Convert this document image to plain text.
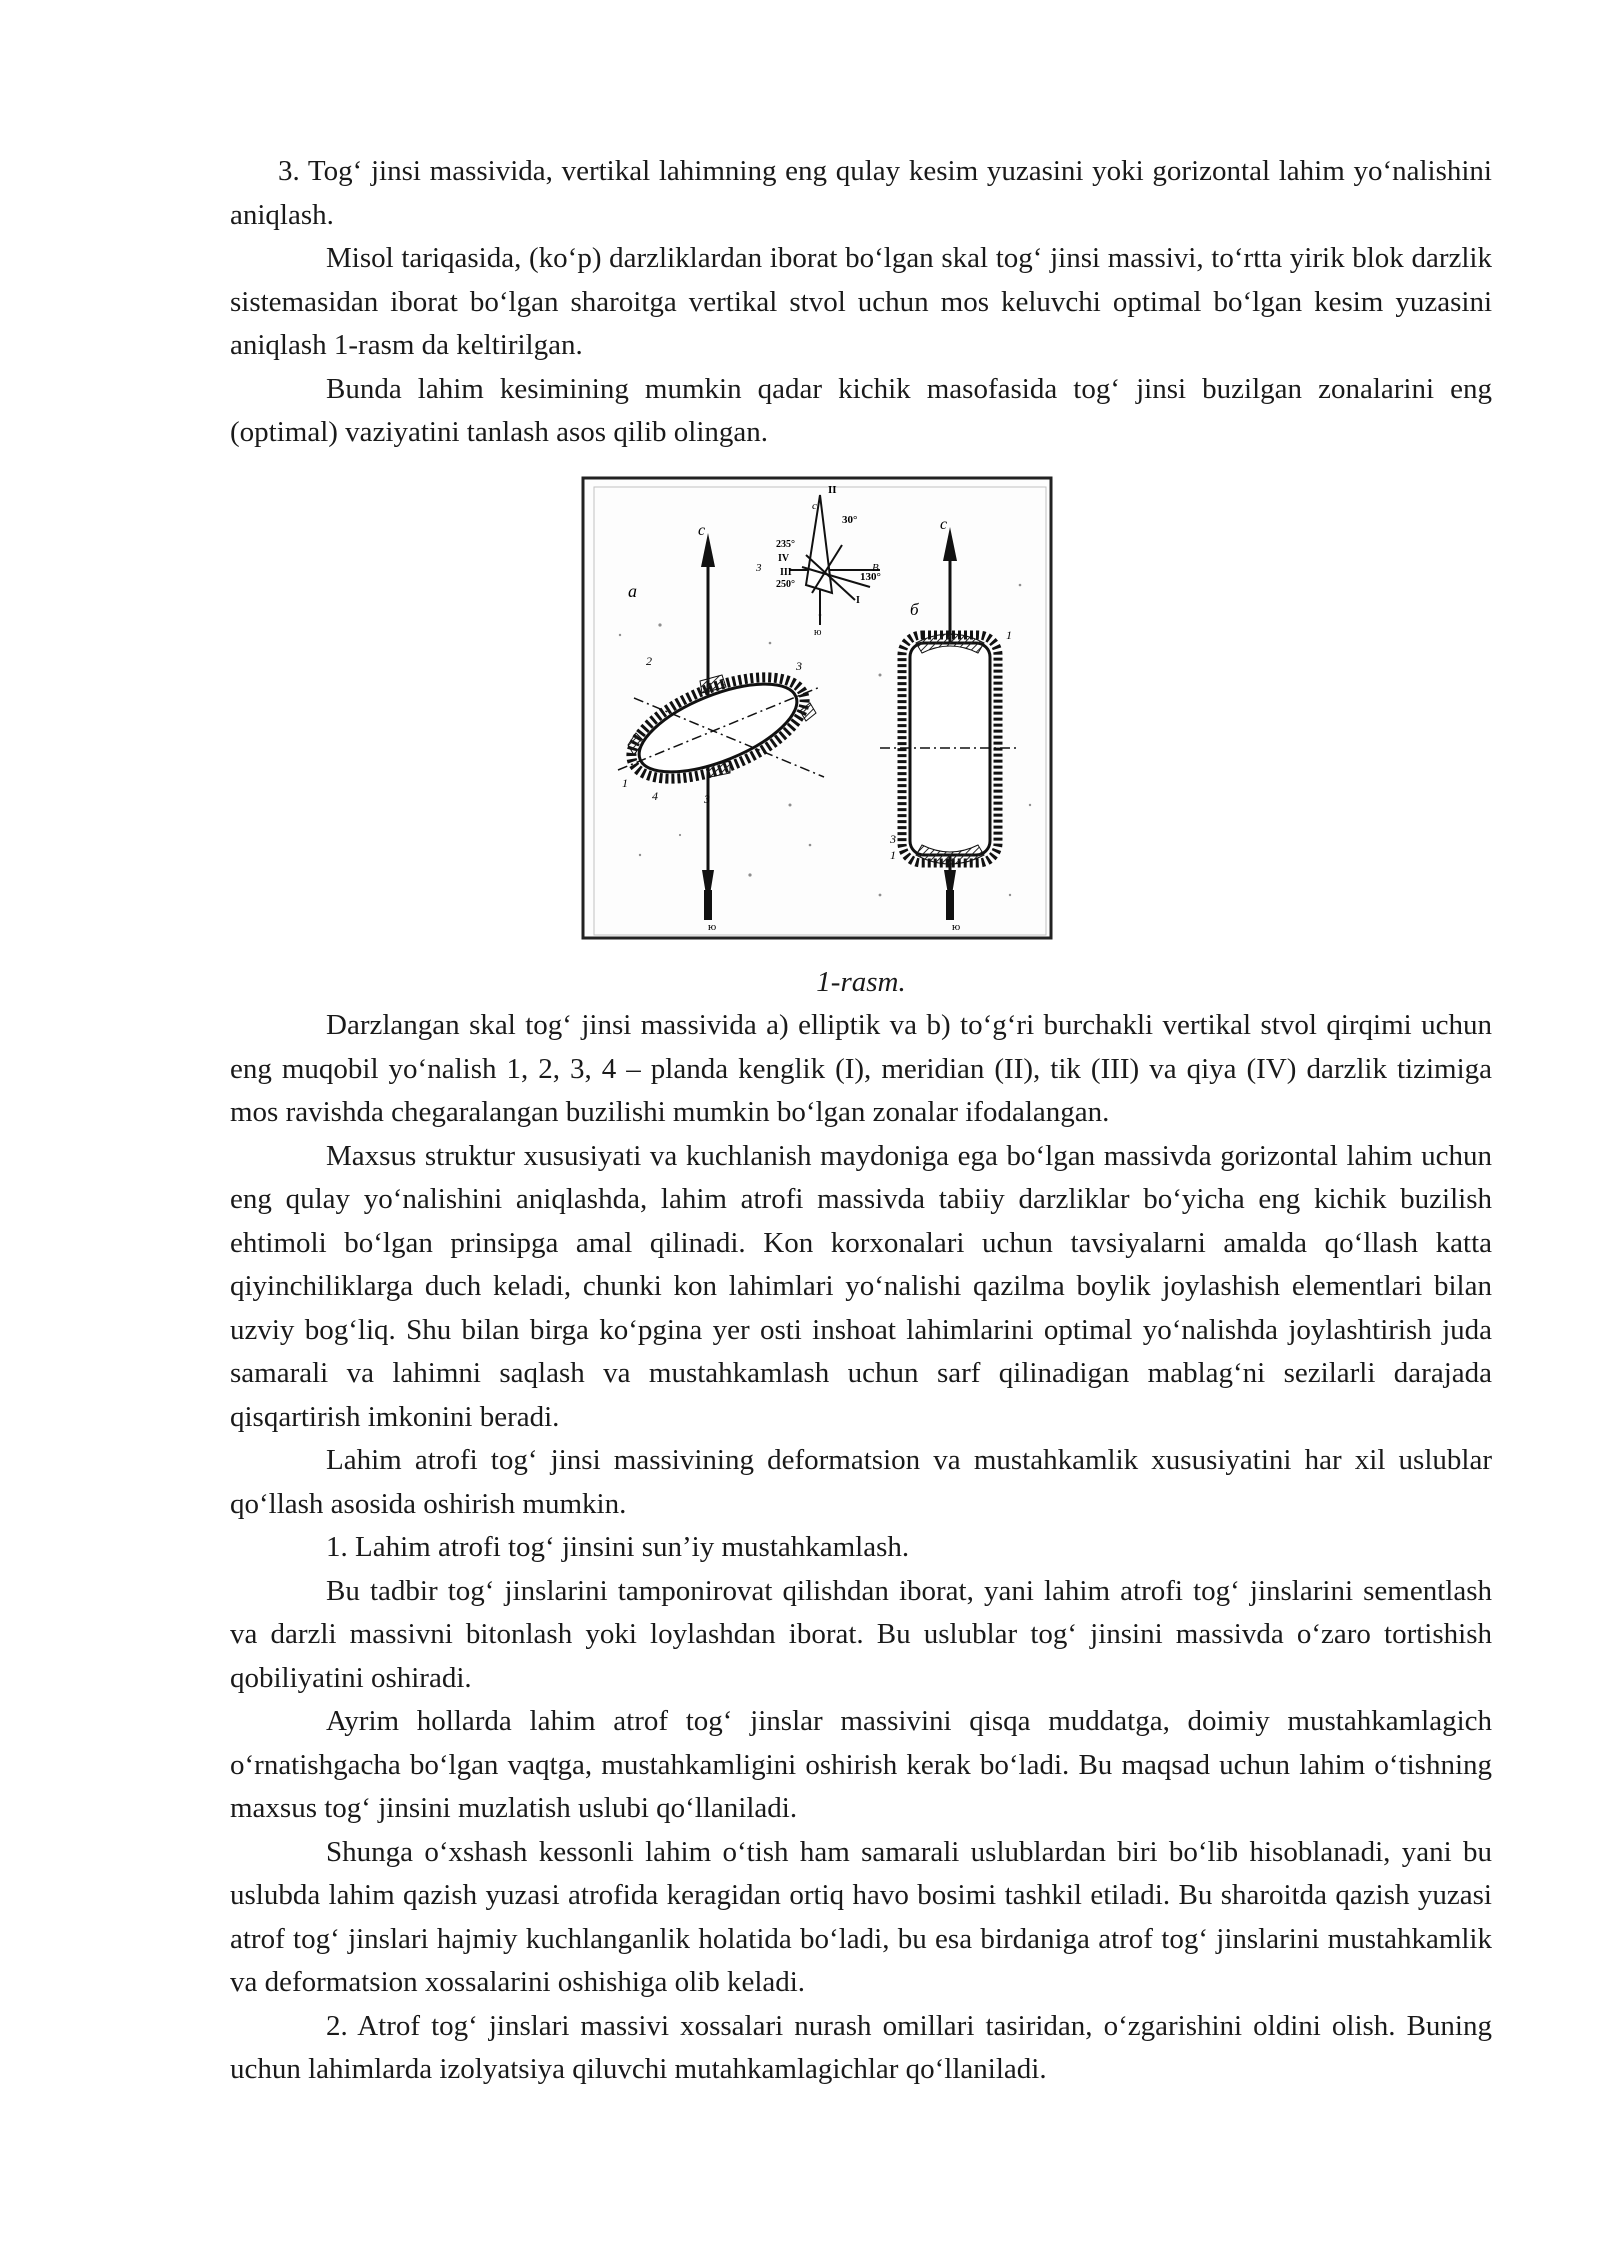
3. Tog‘ jinsi massivida, vertikal lahimning eng qulay kesim yuzasini yoki gorizontal lahim yo‘nalishini aniqlash.

Misol tariqasida, (ko‘p) darzliklardan iborat bo‘lgan skal tog‘ jinsi massivi, to‘rtta yirik blok darzlik sistemasidan iborat bo‘lgan sharoitga vertikal stvol uchun mos keluvchi optimal bo‘lgan kesim yuzasini aniqlash 1-rasm da keltirilgan.

Bunda lahim kesimining mumkin qadar kichik masofasida tog‘ jinsi buzilgan zonalarini eng (optimal) vaziyatini tanlash asos qilib olingan.

c
ю
a
1
2
3
4
3
c
ю
30°
130°
235°
250°
II
IV
III
I
3	B
c
ю
б
1
3
1
1-rasm.

Darzlangan skal tog‘ jinsi massivida a) elliptik va b) to‘g‘ri burchakli vertikal stvol qirqimi uchun eng muqobil yo‘nalish 1, 2, 3, 4 – planda kenglik (I), meridian (II), tik (III) va qiya (IV) darzlik tizimiga mos ravishda chegaralangan buzilishi mumkin bo‘lgan zonalar ifodalangan.

Maxsus struktur xususiyati va kuchlanish maydoniga ega bo‘lgan massivda gorizontal lahim uchun eng qulay yo‘nalishini aniqlashda, lahim atrofi massivda tabiiy darzliklar bo‘yicha eng kichik buzilish ehtimoli bo‘lgan prinsipga amal qilinadi. Kon korxonalari uchun tavsiyalarni amalda qo‘llash katta qiyinchiliklarga duch keladi, chunki kon lahimlari yo‘nalishi qazilma boylik joylashish elementlari bilan uzviy bog‘liq. Shu bilan birga ko‘pgina yer osti inshoat lahimlarini optimal yo‘nalishda joylashtirish juda samarali va lahimni saqlash va mustahkamlash uchun sarf qilinadigan mablag‘ni sezilarli darajada qisqartirish imkonini beradi.

Lahim atrofi tog‘ jinsi massivining deformatsion va mustahkamlik xususiyatini har xil uslublar qo‘llash asosida oshirish mumkin.

1. Lahim atrofi tog‘ jinsini sun’iy mustahkamlash.

Bu tadbir tog‘ jinslarini tamponirovat qilishdan iborat, yani lahim atrofi tog‘ jinslarini sementlash va darzli massivni bitonlash yoki loylashdan iborat. Bu uslublar tog‘ jinsini massivda o‘zaro tortishish qobiliyatini oshiradi.

Ayrim hollarda lahim atrof tog‘ jinslar massivini qisqa muddatga, doimiy mustahkamlagich o‘rnatishgacha bo‘lgan vaqtga, mustahkamligini oshirish kerak bo‘ladi. Bu maqsad uchun lahim o‘tishning maxsus tog‘ jinsini muzlatish uslubi qo‘llaniladi.

Shunga o‘xshash kessonli lahim o‘tish ham samarali uslublardan biri bo‘lib hisoblanadi, yani bu uslubda lahim qazish yuzasi atrofida keragidan ortiq havo bosimi tashkil etiladi. Bu sharoitda qazish yuzasi atrof tog‘ jinslari hajmiy kuchlanganlik holatida bo‘ladi, bu esa birdaniga atrof tog‘ jinslarini mustahkamlik va deformatsion xossalarini oshishiga olib keladi.

2. Atrof tog‘ jinslari massivi xossalari nurash omillari tasiridan, o‘zgarishini oldini olish. Buning uchun lahimlarda izolyatsiya qiluvchi mutahkamlagichlar qo‘llaniladi.
